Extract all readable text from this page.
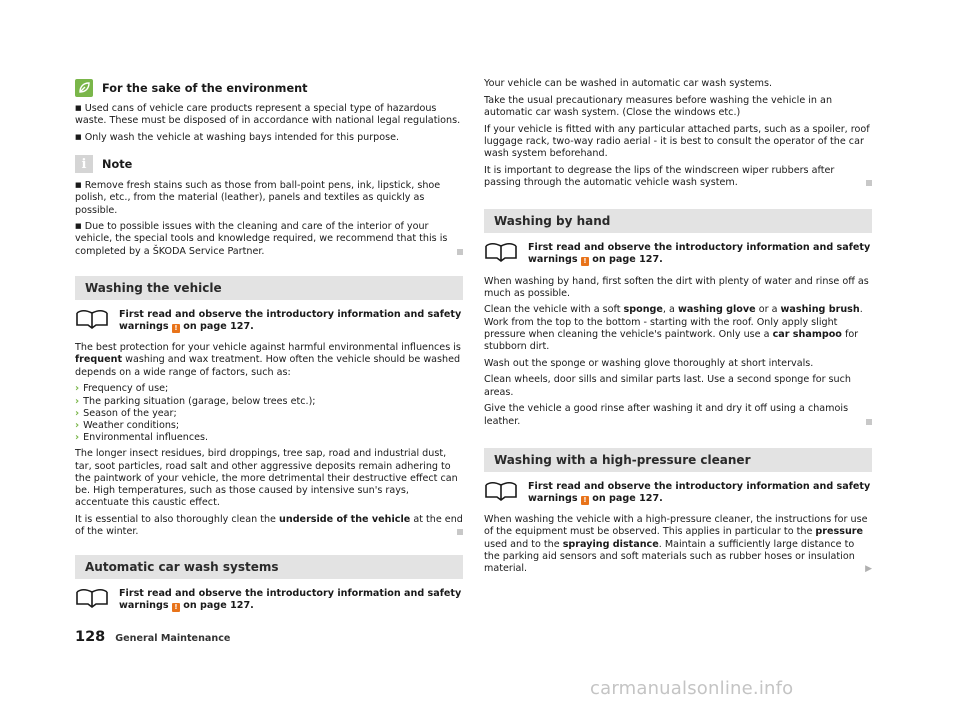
For the sake of the environment

■ Used cans of vehicle care products represent a special type of hazardous waste. These must be disposed of in accordance with national legal regulations.

■ Only wash the vehicle at washing bays intended for this purpose.

i	Note

■ Remove fresh stains such as those from ball-point pens, ink, lipstick, shoe polish, etc., from the material (leather), panels and textiles as quickly as possible.

■ Due to possible issues with the cleaning and care of the interior of your vehicle, the special tools and knowledge required, we recommend that this is completed by a ŠKODA Service Partner.

Washing the vehicle
First read and observe the introductory information and safety warnings ! on page 127.

The best protection for your vehicle against harmful environmental influences is frequent washing and wax treatment. How often the vehicle should be washed depends on a wide range of factors, such as:

› Frequency of use;
› The parking situation (garage, below trees etc.);
› Season of the year;
› Weather conditions;
› Environmental influences.

The longer insect residues, bird droppings, tree sap, road and industrial dust, tar, soot particles, road salt and other aggressive deposits remain adhering to the paintwork of your vehicle, the more detrimental their destructive effect can be. High temperatures, such as those caused by intensive sun's rays, accentuate this caustic effect.

It is essential to also thoroughly clean the underside of the vehicle at the end of the winter.

Automatic car wash systems
First read and observe the introductory information and safety warnings ! on page 127.

Your vehicle can be washed in automatic car wash systems.

Take the usual precautionary measures before washing the vehicle in an automatic car wash system. (Close the windows etc.)

If your vehicle is fitted with any particular attached parts, such as a spoiler, roof luggage rack, two-way radio aerial - it is best to consult the operator of the car wash system beforehand.

It is important to degrease the lips of the windscreen wiper rubbers after passing through the automatic vehicle wash system.

Washing by hand
First read and observe the introductory information and safety warnings ! on page 127.

When washing by hand, first soften the dirt with plenty of water and rinse off as much as possible.

Clean the vehicle with a soft sponge, a washing glove or a washing brush. Work from the top to the bottom - starting with the roof. Only apply slight pressure when cleaning the vehicle's paintwork. Only use a car shampoo for stubborn dirt.

Wash out the sponge or washing glove thoroughly at short intervals.

Clean wheels, door sills and similar parts last. Use a second sponge for such areas.

Give the vehicle a good rinse after washing it and dry it off using a chamois leather.

Washing with a high-pressure cleaner
First read and observe the introductory information and safety warnings ! on page 127.

When washing the vehicle with a high-pressure cleaner, the instructions for use of the equipment must be observed. This applies in particular to the pressure used and to the spraying distance. Maintain a sufficiently large distance to the parking aid sensors and soft materials such as rubber hoses or insulation material.	▶

128 General Maintenance
carmanualsonline.info
